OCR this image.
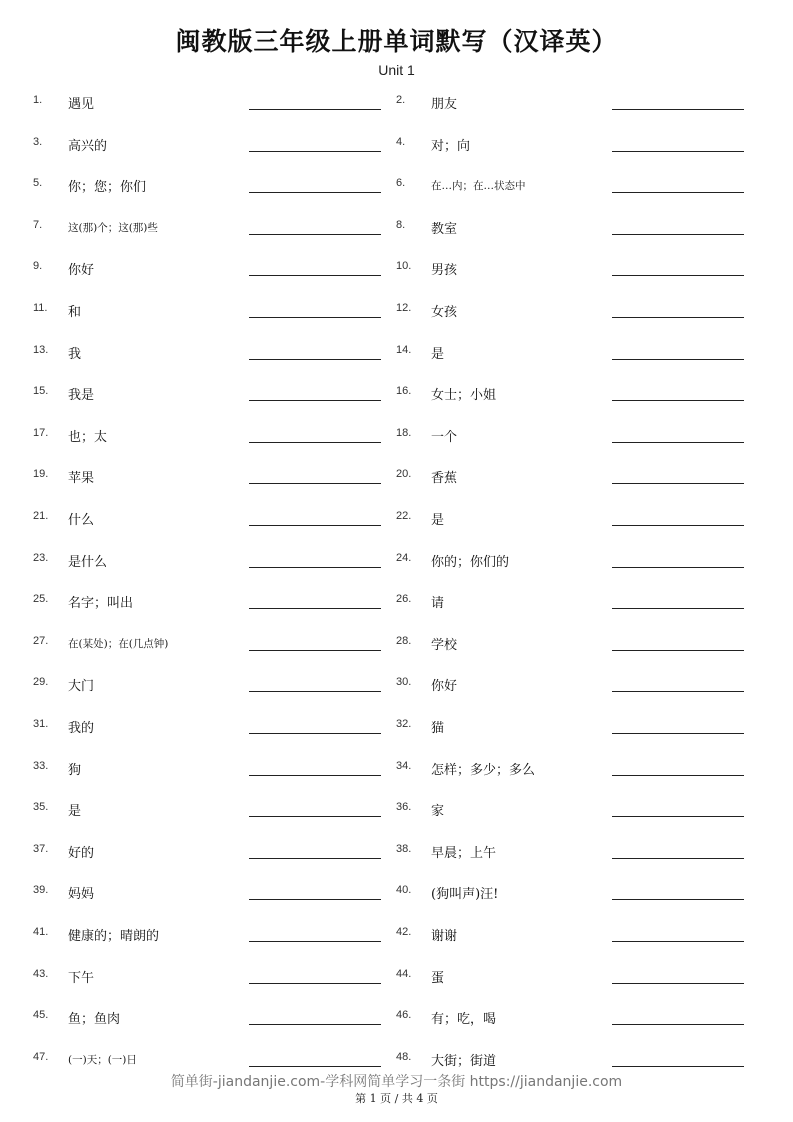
闽教版三年级上册单词默写（汉译英）
Unit 1
1. 遇见	2. 朋友
3. 高兴的	4. 对；向
5. 你；您；你们	6. 在…内；在…状态中
7. 这(那)个；这(那)些	8. 教室
9. 你好	10. 男孩
11. 和	12. 女孩
13. 我	14. 是
15. 我是	16. 女士；小姐
17. 也；太	18. 一个
19. 苹果	20. 香蕉
21. 什么	22. 是
23. 是什么	24. 你的；你们的
25. 名字；叫出	26. 请
27. 在(某处)；在(几点钟)	28. 学校
29. 大门	30. 你好
31. 我的	32. 猫
33. 狗	34. 怎样；多少；多么
35. 是	36. 家
37. 好的	38. 早晨；上午
39. 妈妈	40. (狗叫声)汪!
41. 健康的；晴朗的	42. 谢谢
43. 下午	44. 蛋
45. 鱼；鱼肉	46. 有；吃，喝
47. (一)天；(一)日	48. 大街；街道
简单街-jiandanjie.com-学科网简单学习一条街 https://jiandanjie.com
第 1 页 / 共 4 页
